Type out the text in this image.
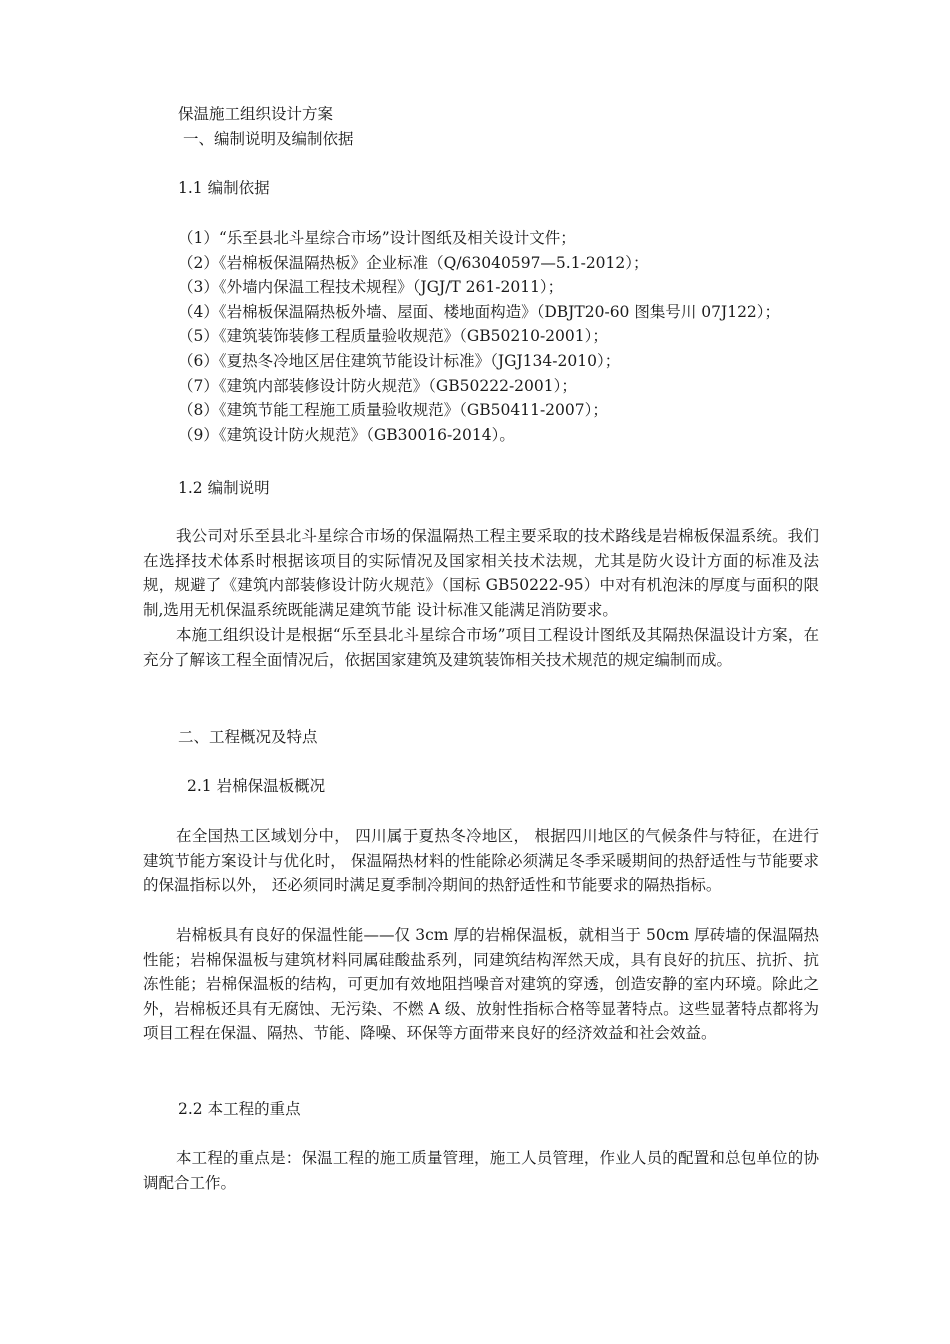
保温施工组织设计方案
一、编制说明及编制依据
1.1 编制依据
（1）“乐至县北斗星综合市场”设计图纸及相关设计文件；
（2）《岩棉板保温隔热板》企业标准（Q/63040597—5.1-2012）；
（3）《外墙内保温工程技术规程》（JGJ/T 261-2011）；
（4）《岩棉板保温隔热板外墙、屋面、楼地面构造》（DBJT20-60 图集号川 07J122）；
（5）《建筑装饰装修工程质量验收规范》（GB50210-2001）；
（6）《夏热冬冷地区居住建筑节能设计标准》（JGJ134-2010）；
（7）《建筑内部装修设计防火规范》（GB50222-2001）；
（8）《建筑节能工程施工质量验收规范》（GB50411-2007）；
（9）《建筑设计防火规范》（GB30016-2014）。
1.2 编制说明
我公司对乐至县北斗星综合市场的保温隔热工程主要采取的技术路线是岩棉板保温系统。我们在选择技术体系时根据该项目的实际情况及国家相关技术法规，尤其是防火设计方面的标准及法规，规避了《建筑内部装修设计防火规范》（国标 GB50222-95）中对有机泡沫的厚度与面积的限制,选用无机保温系统既能满足建筑节能 设计标准又能满足消防要求。
本施工组织设计是根据“乐至县北斗星综合市场”项目工程设计图纸及其隔热保温设计方案，在充分了解该工程全面情况后，依据国家建筑及建筑装饰相关技术规范的规定编制而成。
二、工程概况及特点
2.1 岩棉保温板概况
在全国热工区域划分中， 四川属于夏热冬冷地区， 根据四川地区的气候条件与特征，在进行建筑节能方案设计与优化时， 保温隔热材料的性能除必须满足冬季采暖期间的热舒适性与节能要求的保温指标以外， 还必须同时满足夏季制冷期间的热舒适性和节能要求的隔热指标。
岩棉板具有良好的保温性能——仅 3cm 厚的岩棉保温板，就相当于 50cm 厚砖墙的保温隔热性能；岩棉保温板与建筑材料同属硅酸盐系列，同建筑结构浑然天成，具有良好的抗压、抗折、抗冻性能；岩棉保温板的结构，可更加有效地阻挡噪音对建筑的穿透，创造安静的室内环境。除此之外，岩棉板还具有无腐蚀、无污染、不燃 A 级、放射性指标合格等显著特点。这些显著特点都将为项目工程在保温、隔热、节能、降噪、环保等方面带来良好的经济效益和社会效益。
2.2 本工程的重点
本工程的重点是：保温工程的施工质量管理，施工人员管理，作业人员的配置和总包单位的协调配合工作。
